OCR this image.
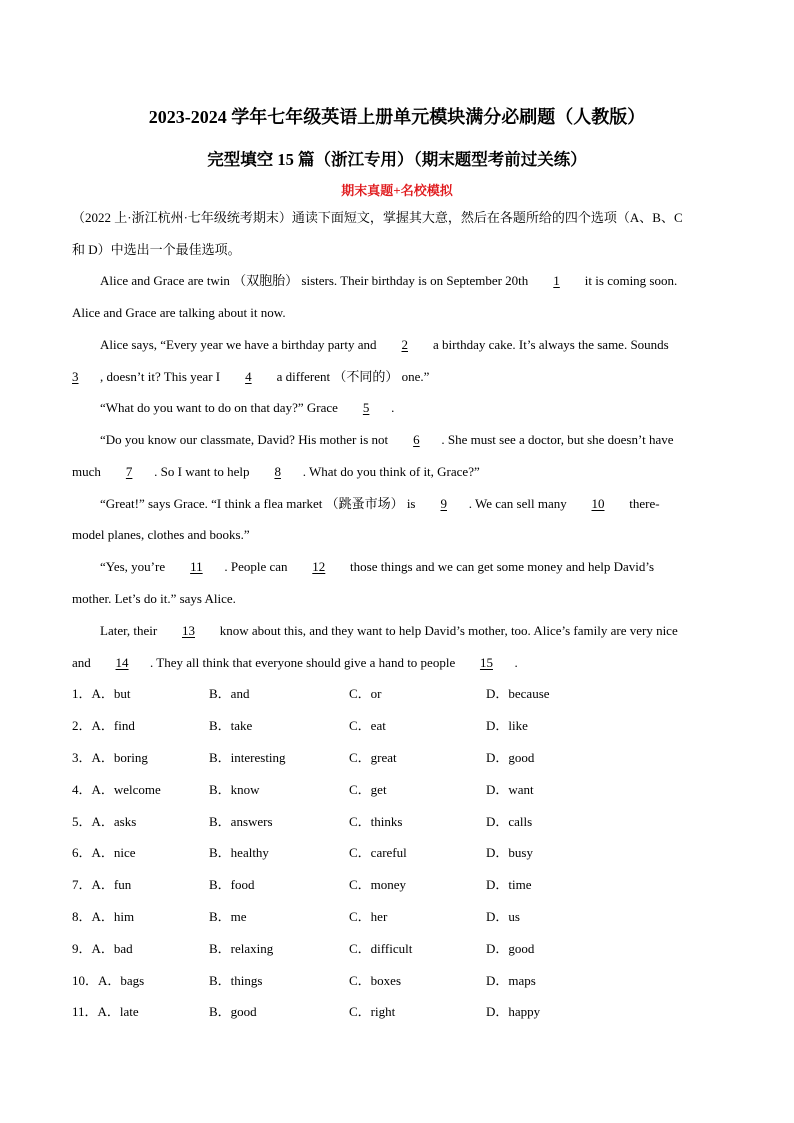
2023-2024 学年七年级英语上册单元模块满分必刷题（人教版）
完型填空 15 篇（浙江专用）（期末题型考前过关练）
期末真题+名校模拟

（2022 上·浙江杭州·七年级统考期末）通读下面短文，掌握其大意，然后在各题所给的四个选项（A、B、C

和 D）中选出一个最佳选项。

Alice and Grace are twin （双胞胎） sisters. Their birthday is on September 20th 1 it is coming soon.

Alice and Grace are talking about it now.

Alice says, “Every year we have a birthday party and 2 a birthday cake. It’s always the same. Sounds

3 , doesn’t it? This year I 4 a different （不同的） one.”

“What do you want to do on that day?” Grace 5 .

“Do you know our classmate, David? His mother is not 6 . She must see a doctor, but she doesn’t have

much 7 . So I want to help 8 . What do you think of it, Grace?”

“Great!” says Grace. “I think a flea market （跳蚤市场） is 9 . We can sell many 10 there-

model planes, clothes and books.”

“Yes, you’re 11 . People can 12 those things and we can get some money and help David’s

mother. Let’s do it.” says Alice.

Later, their 13 know about this, and they want to help David’s mother, too. Alice’s family are very nice

and 14 . They all think that everyone should give a hand to people 15 .

1．A．but	B．and	C．or	D．because
2．A．find	B．take	C．eat	D．like
3．A．boring	B．interesting	C．great	D．good
4．A．welcome	B．know	C．get	D．want
5．A．asks	B．answers	C．thinks	D．calls
6．A．nice	B．healthy	C．careful	D．busy
7．A．fun	B．food	C．money	D．time
8．A．him	B．me	C．her	D．us
9．A．bad	B．relaxing	C．difficult	D．good
10．A．bags	B．things	C．boxes	D．maps
11．A．late	B．good	C．right	D．happy
